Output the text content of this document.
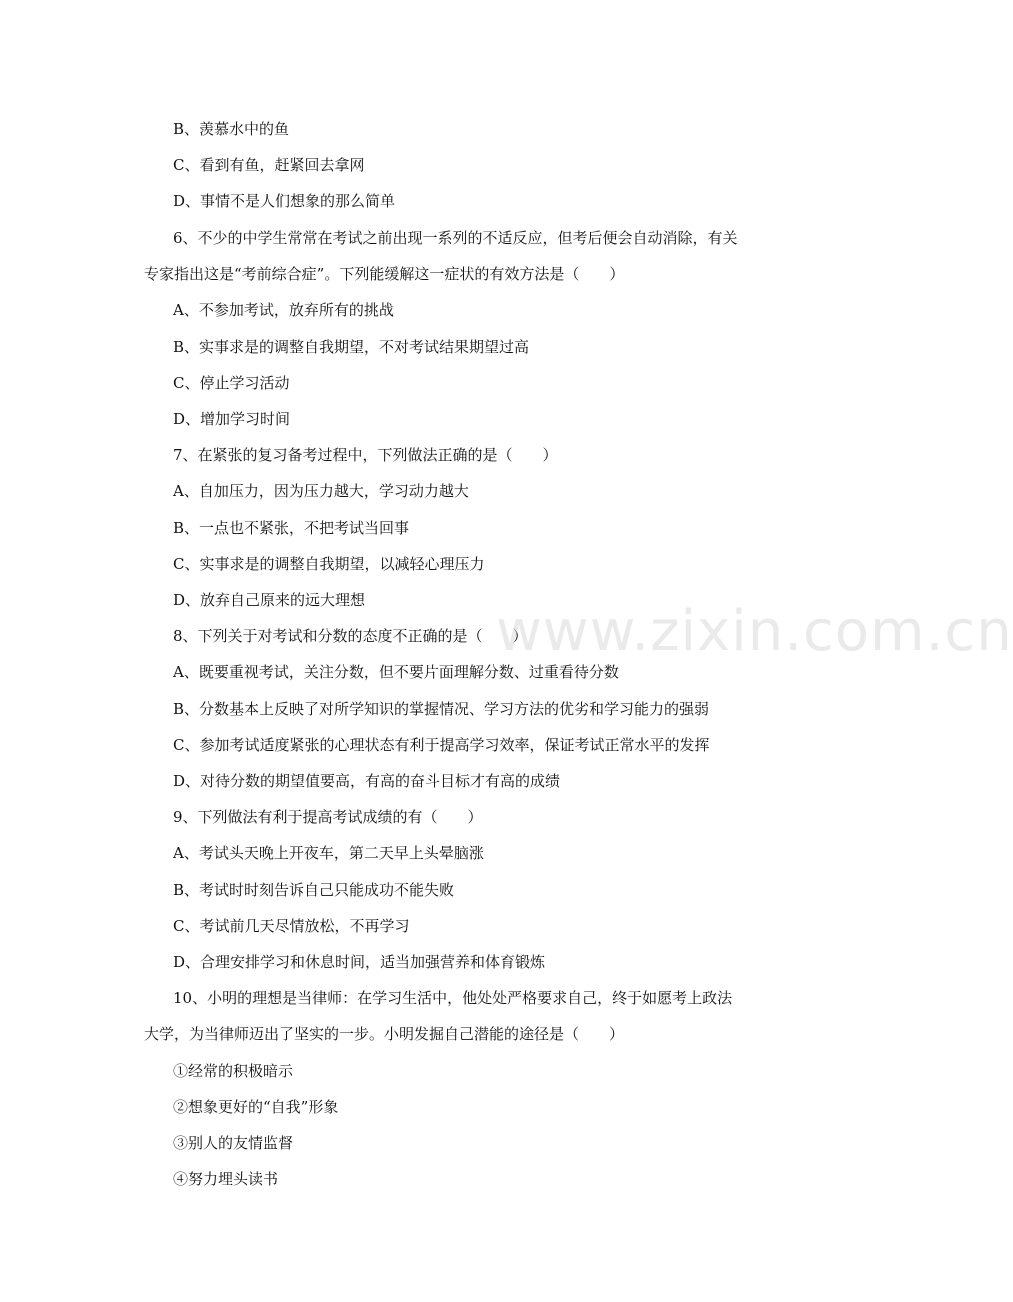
B、羡慕水中的鱼
C、看到有鱼，赶紧回去拿网
D、事情不是人们想象的那么简单
6、不少的中学生常常在考试之前出现一系列的不适反应，但考后便会自动消除，有关
专家指出这是“考前综合症”。下列能缓解这一症状的有效方法是（　　）
A、不参加考试，放弃所有的挑战
B、实事求是的调整自我期望，不对考试结果期望过高
C、停止学习活动
D、增加学习时间
7、在紧张的复习备考过程中，下列做法正确的是（　　）
A、自加压力，因为压力越大，学习动力越大
B、一点也不紧张，不把考试当回事
C、实事求是的调整自我期望，以减轻心理压力
D、放弃自己原来的远大理想
8、下列关于对考试和分数的态度不正确的是（　　）
A、既要重视考试，关注分数，但不要片面理解分数、过重看待分数
B、分数基本上反映了对所学知识的掌握情况、学习方法的优劣和学习能力的强弱
C、参加考试适度紧张的心理状态有利于提高学习效率，保证考试正常水平的发挥
D、对待分数的期望值要高，有高的奋斗目标才有高的成绩
9、下列做法有利于提高考试成绩的有（　　）
A、考试头天晚上开夜车，第二天早上头晕脑涨
B、考试时时刻告诉自己只能成功不能失败
C、考试前几天尽情放松，不再学习
D、合理安排学习和休息时间，适当加强营养和体育锻炼
10、小明的理想是当律师：在学习生活中，他处处严格要求自己，终于如愿考上政法
大学，为当律师迈出了坚实的一步。小明发掘自己潜能的途径是（　　）
①经常的积极暗示
②想象更好的“自我”形象
③别人的友情监督
④努力埋头读书
www.zixin.com.cn
